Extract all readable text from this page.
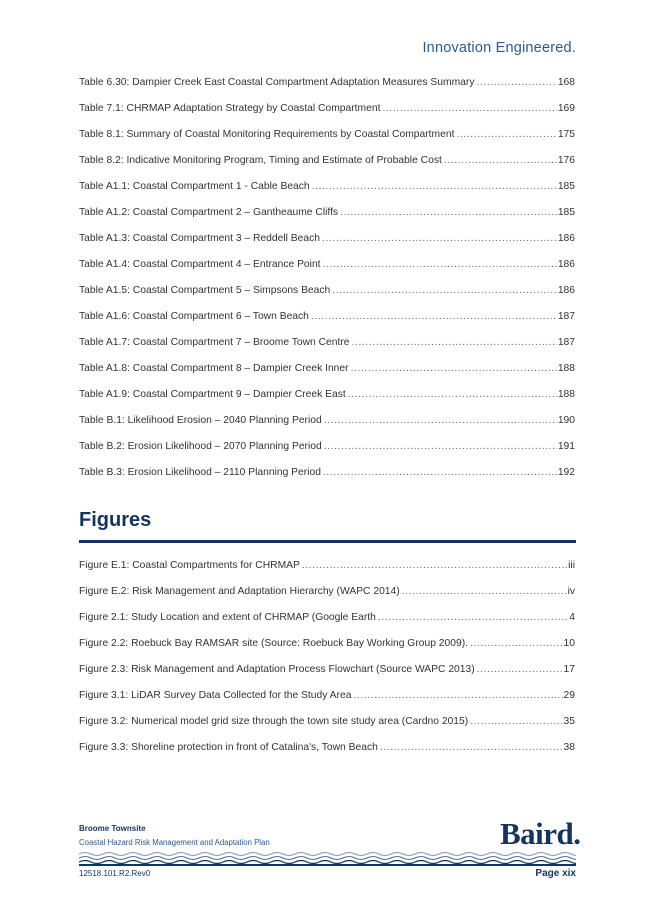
Innovation Engineered.
Table 6.30: Dampier Creek East Coastal Compartment Adaptation Measures Summary .....	168
Table 7.1: CHRMAP Adaptation Strategy by Coastal Compartment .....	169
Table 8.1: Summary of Coastal Monitoring Requirements by Coastal Compartment .....	175
Table 8.2: Indicative Monitoring Program, Timing and Estimate of Probable Cost .....	176
Table A1.1: Coastal Compartment 1 - Cable Beach .....	185
Table A1.2: Coastal Compartment 2 – Gantheaume Cliffs .....	185
Table A1.3: Coastal Compartment 3 – Reddell Beach .....	186
Table A1.4: Coastal Compartment 4 – Entrance Point .....	186
Table A1.5: Coastal Compartment 5 – Simpsons Beach .....	186
Table A1.6: Coastal Compartment 6 – Town Beach .....	187
Table A1.7: Coastal Compartment 7 – Broome Town Centre .....	187
Table A1.8: Coastal Compartment 8 – Dampier Creek Inner .....	188
Table A1.9: Coastal Compartment 9 – Dampier Creek East .....	188
Table B.1: Likelihood Erosion – 2040 Planning Period .....	190
Table B.2: Erosion Likelihood – 2070 Planning Period .....	191
Table B.3: Erosion Likelihood – 2110 Planning Period .....	192
Figures
Figure E.1: Coastal Compartments for CHRMAP .....	iii
Figure E.2: Risk Management and Adaptation Hierarchy (WAPC 2014) .....	iv
Figure 2.1: Study Location and extent of CHRMAP (Google Earth .....	4
Figure 2.2: Roebuck Bay RAMSAR site (Source: Roebuck Bay Working Group 2009). .....	10
Figure 2.3: Risk Management and Adaptation Process Flowchart (Source WAPC 2013) .....	17
Figure 3.1: LiDAR Survey Data Collected for the Study Area .....	29
Figure 3.2: Numerical model grid size through the town site study area (Cardno 2015) .....	35
Figure 3.3: Shoreline protection in front of Catalina's, Town Beach .....	38
Broome Townsite
Coastal Hazard Risk Management and Adaptation Plan	Baird.
12518.101.R2.Rev0	Page xix
